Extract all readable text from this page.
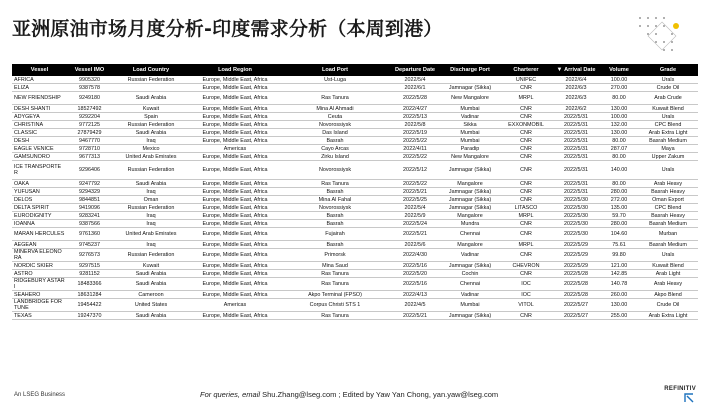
亚洲原油市场月度分析-印度需求分析（本周到港）
Vessel	Vessel IMO	Load Country	Load Region	Load Port	Departure Date	Discharge Port	Charterer	▼ Arrival Date	Volume	Grade
AFRICA	9905320	Russian Federation	Europe, Middle East, Africa	Ust-Luga	2022/5/4		UNIPEC	2022/6/4	100.00	Urals
ELIZA	9387578		Europe, Middle East, Africa		2022/6/1	Jamnagar (Sikka)	CNR	2022/6/3	270.00	Crude Oil
NEW FRIENDSHIP	9249180	Saudi Arabia	Europe, Middle East, Africa	Ras Tanura	2022/5/28	New Mangalore	MRPL	2022/6/3	80.00	Arab Crude
DESH SHANTI	18527492	Kuwait	Europe, Middle East, Africa	Mina Al Ahmadi	2022/4/27	Mumbai	CNR	2022/6/2	130.00	Kuwait Blend
ADYGEYA	9292204	Spain	Europe, Middle East, Africa	Ceuta	2022/5/13	Vadinar	CNR	2022/5/31	100.00	Urals
CHRISTINA	9772125	Russian Federation	Europe, Middle East, Africa	Novorossiysk	2022/5/8	Sikka	EXXONMOBIL	2022/5/31	132.00	CPC Blend
CLASSIC	27879429	Saudi Arabia	Europe, Middle East, Africa	Das Island	2022/5/19	Mumbai	CNR	2022/5/31	130.00	Arab Extra Light
DESH	9467770	Iraq	Europe, Middle East, Africa	Basrah	2022/5/22	Mumbai	CNR	2022/5/31	80.00	Basrah Medium
EAGLE VENICE	9728710	Mexico	Americas	Cayo Arcas	2022/4/11	Paradip	CNR	2022/5/31	287.07	Maya
GAMSUNORO	9677313	United Arab Emirates	Europe, Middle East, Africa	Zirku Island	2022/5/22	New Mangalore	CNR	2022/5/31	80.00	Upper Zakum
ICE TRANSPORTER	9296406	Russian Federation	Europe, Middle East, Africa	Novorossiysk	2022/5/12	Jamnagar (Sikka)	CNR	2022/5/31	140.00	Urals
OAKA	9247792	Saudi Arabia	Europe, Middle East, Africa	Ras Tanura	2022/5/22	Mangalore	CNR	2022/5/31	80.00	Arab Heavy
YUFUSAN	9294329	Iraq	Europe, Middle East, Africa	Basrah	2022/5/21	Jamnagar (Sikka)	CNR	2022/5/31	280.00	Basrah Heavy
DELOS	9844851	Oman	Europe, Middle East, Africa	Mina Al Fahal	2022/5/25	Jamnagar (Sikka)	CNR	2022/5/30	272.00	Oman Export
DELTA SPIRIT	9419096	Russian Federation	Europe, Middle East, Africa	Novorossiysk	2022/5/4	Jamnagar (Sikka)	LITASCO	2022/5/30	135.00	CPC Blend
EURODIGNITY	9283241	Iraq	Europe, Middle East, Africa	Basrah	2022/5/9	Mangalore	MRPL	2022/5/30	59.70	Basrah Heavy
IOANNA	9387566	Iraq	Europe, Middle East, Africa	Basrah	2022/5/24	Mundra	CNR	2022/5/30	280.00	Basrah Medium
MARAN HERCULES	9761360	United Arab Emirates	Europe, Middle East, Africa	Fujairah	2022/5/21	Chennai	CNR	2022/5/30	104.60	Murban
AEGEAN	9745237	Iraq	Europe, Middle East, Africa	Basrah	2022/5/6	Mangalore	MRPL	2022/5/29	75.61	Basrah Medium
MINERVA ELEONORA	9276573	Russian Federation	Europe, Middle East, Africa	Primorsk	2022/4/30	Vadinar	CNR	2022/5/29	99.80	Urals
NORDIC SKIER	9297515	Kuwait	Europe, Middle East, Africa	Mina Saud	2022/5/16	Jamnagar (Sikka)	CHEVRON	2022/5/29	121.00	Kuwait Blend
ASTRO	9281152	Saudi Arabia	Europe, Middle East, Africa	Ras Tanura	2022/5/20	Cochin	CNR	2022/5/28	142.85	Arab Light
RIDGEBURY ASTARI	18483366	Saudi Arabia	Europe, Middle East, Africa	Ras Tanura	2022/5/16	Chennai	IOC	2022/5/28	140.78	Arab Heavy
SEAHERO	18631284	Cameroon	Europe, Middle East, Africa	Akpo Terminal (FPSO)	2022/4/13	Vadinar	IOC	2022/5/28	260.00	Akpo Blend
LANDBRIDGE FORTUNE	19454422	United States	Americas	Corpus Christi STS 1	2022/4/5	Mumbai	VITOL	2022/5/27	130.00	Crude Oil
TEXAS	19247370	Saudi Arabia	Europe, Middle East, Africa	Ras Tanura	2022/5/21	Jamnagar (Sikka)	CNR	2022/5/27	255.00	Arab Extra Light
An LSEG Business	For queries, email Shu.Zhang@lseg.com ; Edited by Yaw Yan Chong, yan.yaw@lseg.com
REFINITIV
